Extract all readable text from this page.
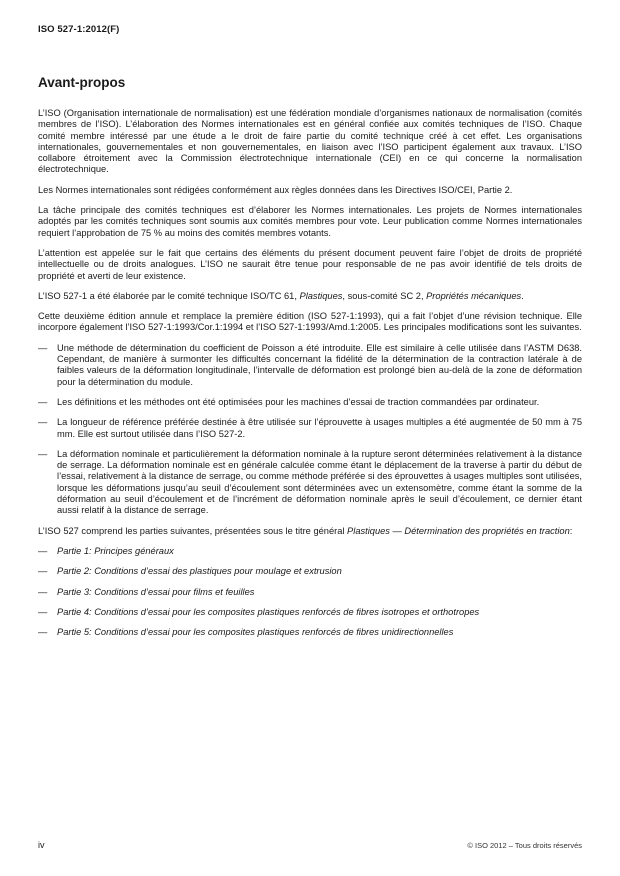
ISO 527-1:2012(F)
Avant-propos

L’ISO (Organisation internationale de normalisation) est une fédération mondiale d’organismes nationaux de normalisation (comités membres de l’ISO). L’élaboration des Normes internationales est en général confiée aux comités techniques de l’ISO. Chaque comité membre intéressé par une étude a le droit de faire partie du comité technique créé à cet effet. Les organisations internationales, gouvernementales et non gouvernementales, en liaison avec l’ISO participent également aux travaux. L’ISO collabore étroitement avec la Commission électrotechnique internationale (CEI) en ce qui concerne la normalisation électrotechnique.

Les Normes internationales sont rédigées conformément aux règles données dans les Directives ISO/CEI, Partie 2.

La tâche principale des comités techniques est d’élaborer les Normes internationales. Les projets de Normes internationales adoptés par les comités techniques sont soumis aux comités membres pour vote. Leur publication comme Normes internationales requiert l’approbation de 75 % au moins des comités membres votants.

L’attention est appelée sur le fait que certains des éléments du présent document peuvent faire l’objet de droits de propriété intellectuelle ou de droits analogues. L’ISO ne saurait être tenue pour responsable de ne pas avoir identifié de tels droits de propriété et averti de leur existence.

L’ISO 527-1 a été élaborée par le comité technique ISO/TC 61, Plastiques, sous-comité SC 2, Propriétés mécaniques.

Cette deuxième édition annule et remplace la première édition (ISO 527-1:1993), qui a fait l’objet d’une révision technique. Elle incorpore également l’ISO 527-1:1993/Cor.1:1994 et l’ISO 527-1:1993/Amd.1:2005. Les principales modifications sont les suivantes.

—	Une méthode de détermination du coefficient de Poisson a été introduite. Elle est similaire à celle utilisée dans l’ASTM D638. Cependant, de manière à surmonter les difficultés concernant la fidélité de la détermination de la contraction latérale à de faibles valeurs de la déformation longitudinale, l’intervalle de déformation est prolongé bien au-delà de la zone de déformation pour la détermination du module.
—	Les définitions et les méthodes ont été optimisées pour les machines d’essai de traction commandées par ordinateur.
—	La longueur de référence préférée destinée à être utilisée sur l’éprouvette à usages multiples a été augmentée de 50 mm à 75 mm. Elle est surtout utilisée dans l’ISO 527-2.
—	La déformation nominale et particulièrement la déformation nominale à la rupture seront déterminées relativement à la distance de serrage. La déformation nominale est en générale calculée comme étant le déplacement de la traverse à partir du début de l’essai, relativement à la distance de serrage, ou comme méthode préférée si des éprouvettes à usages multiples sont utilisées, lorsque les déformations jusqu’au seuil d’écoulement sont déterminées avec un extensomètre, comme étant la somme de la déformation au seuil d’écoulement et de l’incrément de déformation nominale après le seuil d’écoulement, ce dernier étant aussi relatif à la distance de serrage.

L’ISO 527 comprend les parties suivantes, présentées sous le titre général Plastiques — Détermination des propriétés en traction:

—	Partie 1: Principes généraux
—	Partie 2: Conditions d’essai des plastiques pour moulage et extrusion
—	Partie 3: Conditions d’essai pour films et feuilles
—	Partie 4: Conditions d’essai pour les composites plastiques renforcés de fibres isotropes et orthotropes
—	Partie 5: Conditions d’essai pour les composites plastiques renforcés de fibres unidirectionnelles
iv	© ISO 2012 – Tous droits réservés
